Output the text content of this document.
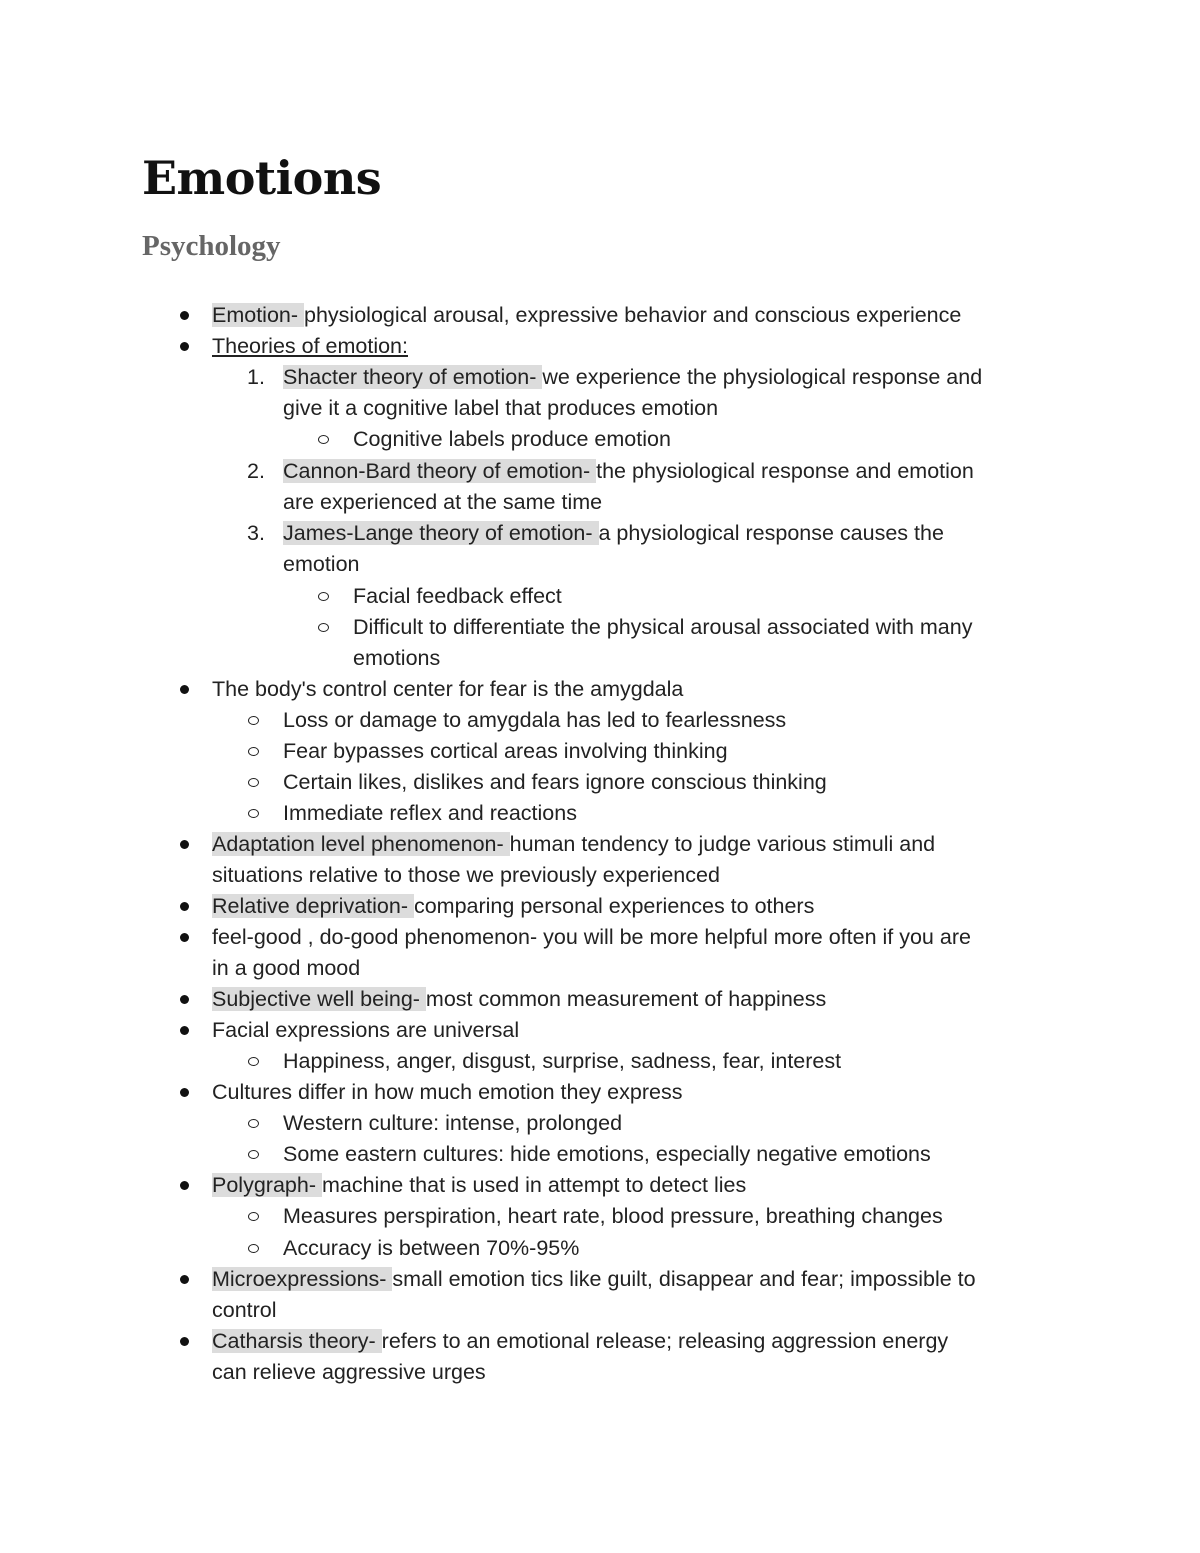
Emotions
Psychology
Emotion- physiological arousal, expressive behavior and conscious experience
Theories of emotion:
1. Shacter theory of emotion- we experience the physiological response and
give it a cognitive label that produces emotion
Cognitive labels produce emotion
2. Cannon-Bard theory of emotion- the physiological response and emotion
are experienced at the same time
3. James-Lange theory of emotion- a physiological response causes the
emotion
Facial feedback effect
Difficult to differentiate the physical arousal associated with many
emotions
The body's control center for fear is the amygdala
Loss or damage to amygdala has led to fearlessness
Fear bypasses cortical areas involving thinking
Certain likes, dislikes and fears ignore conscious thinking
Immediate reflex and reactions
Adaptation level phenomenon- human tendency to judge various stimuli and
situations relative to those we previously experienced
Relative deprivation- comparing personal experiences to others
feel-good , do-good phenomenon- you will be more helpful more often if you are
in a good mood
Subjective well being- most common measurement of happiness
Facial expressions are universal
Happiness, anger, disgust, surprise, sadness, fear, interest
Cultures differ in how much emotion they express
Western culture: intense, prolonged
Some eastern cultures: hide emotions, especially negative emotions
Polygraph- machine that is used in attempt to detect lies
Measures perspiration, heart rate, blood pressure, breathing changes
Accuracy is between 70%-95%
Microexpressions- small emotion tics like guilt, disappear and fear; impossible to
control
Catharsis theory- refers to an emotional release; releasing aggression energy
can relieve aggressive urges
